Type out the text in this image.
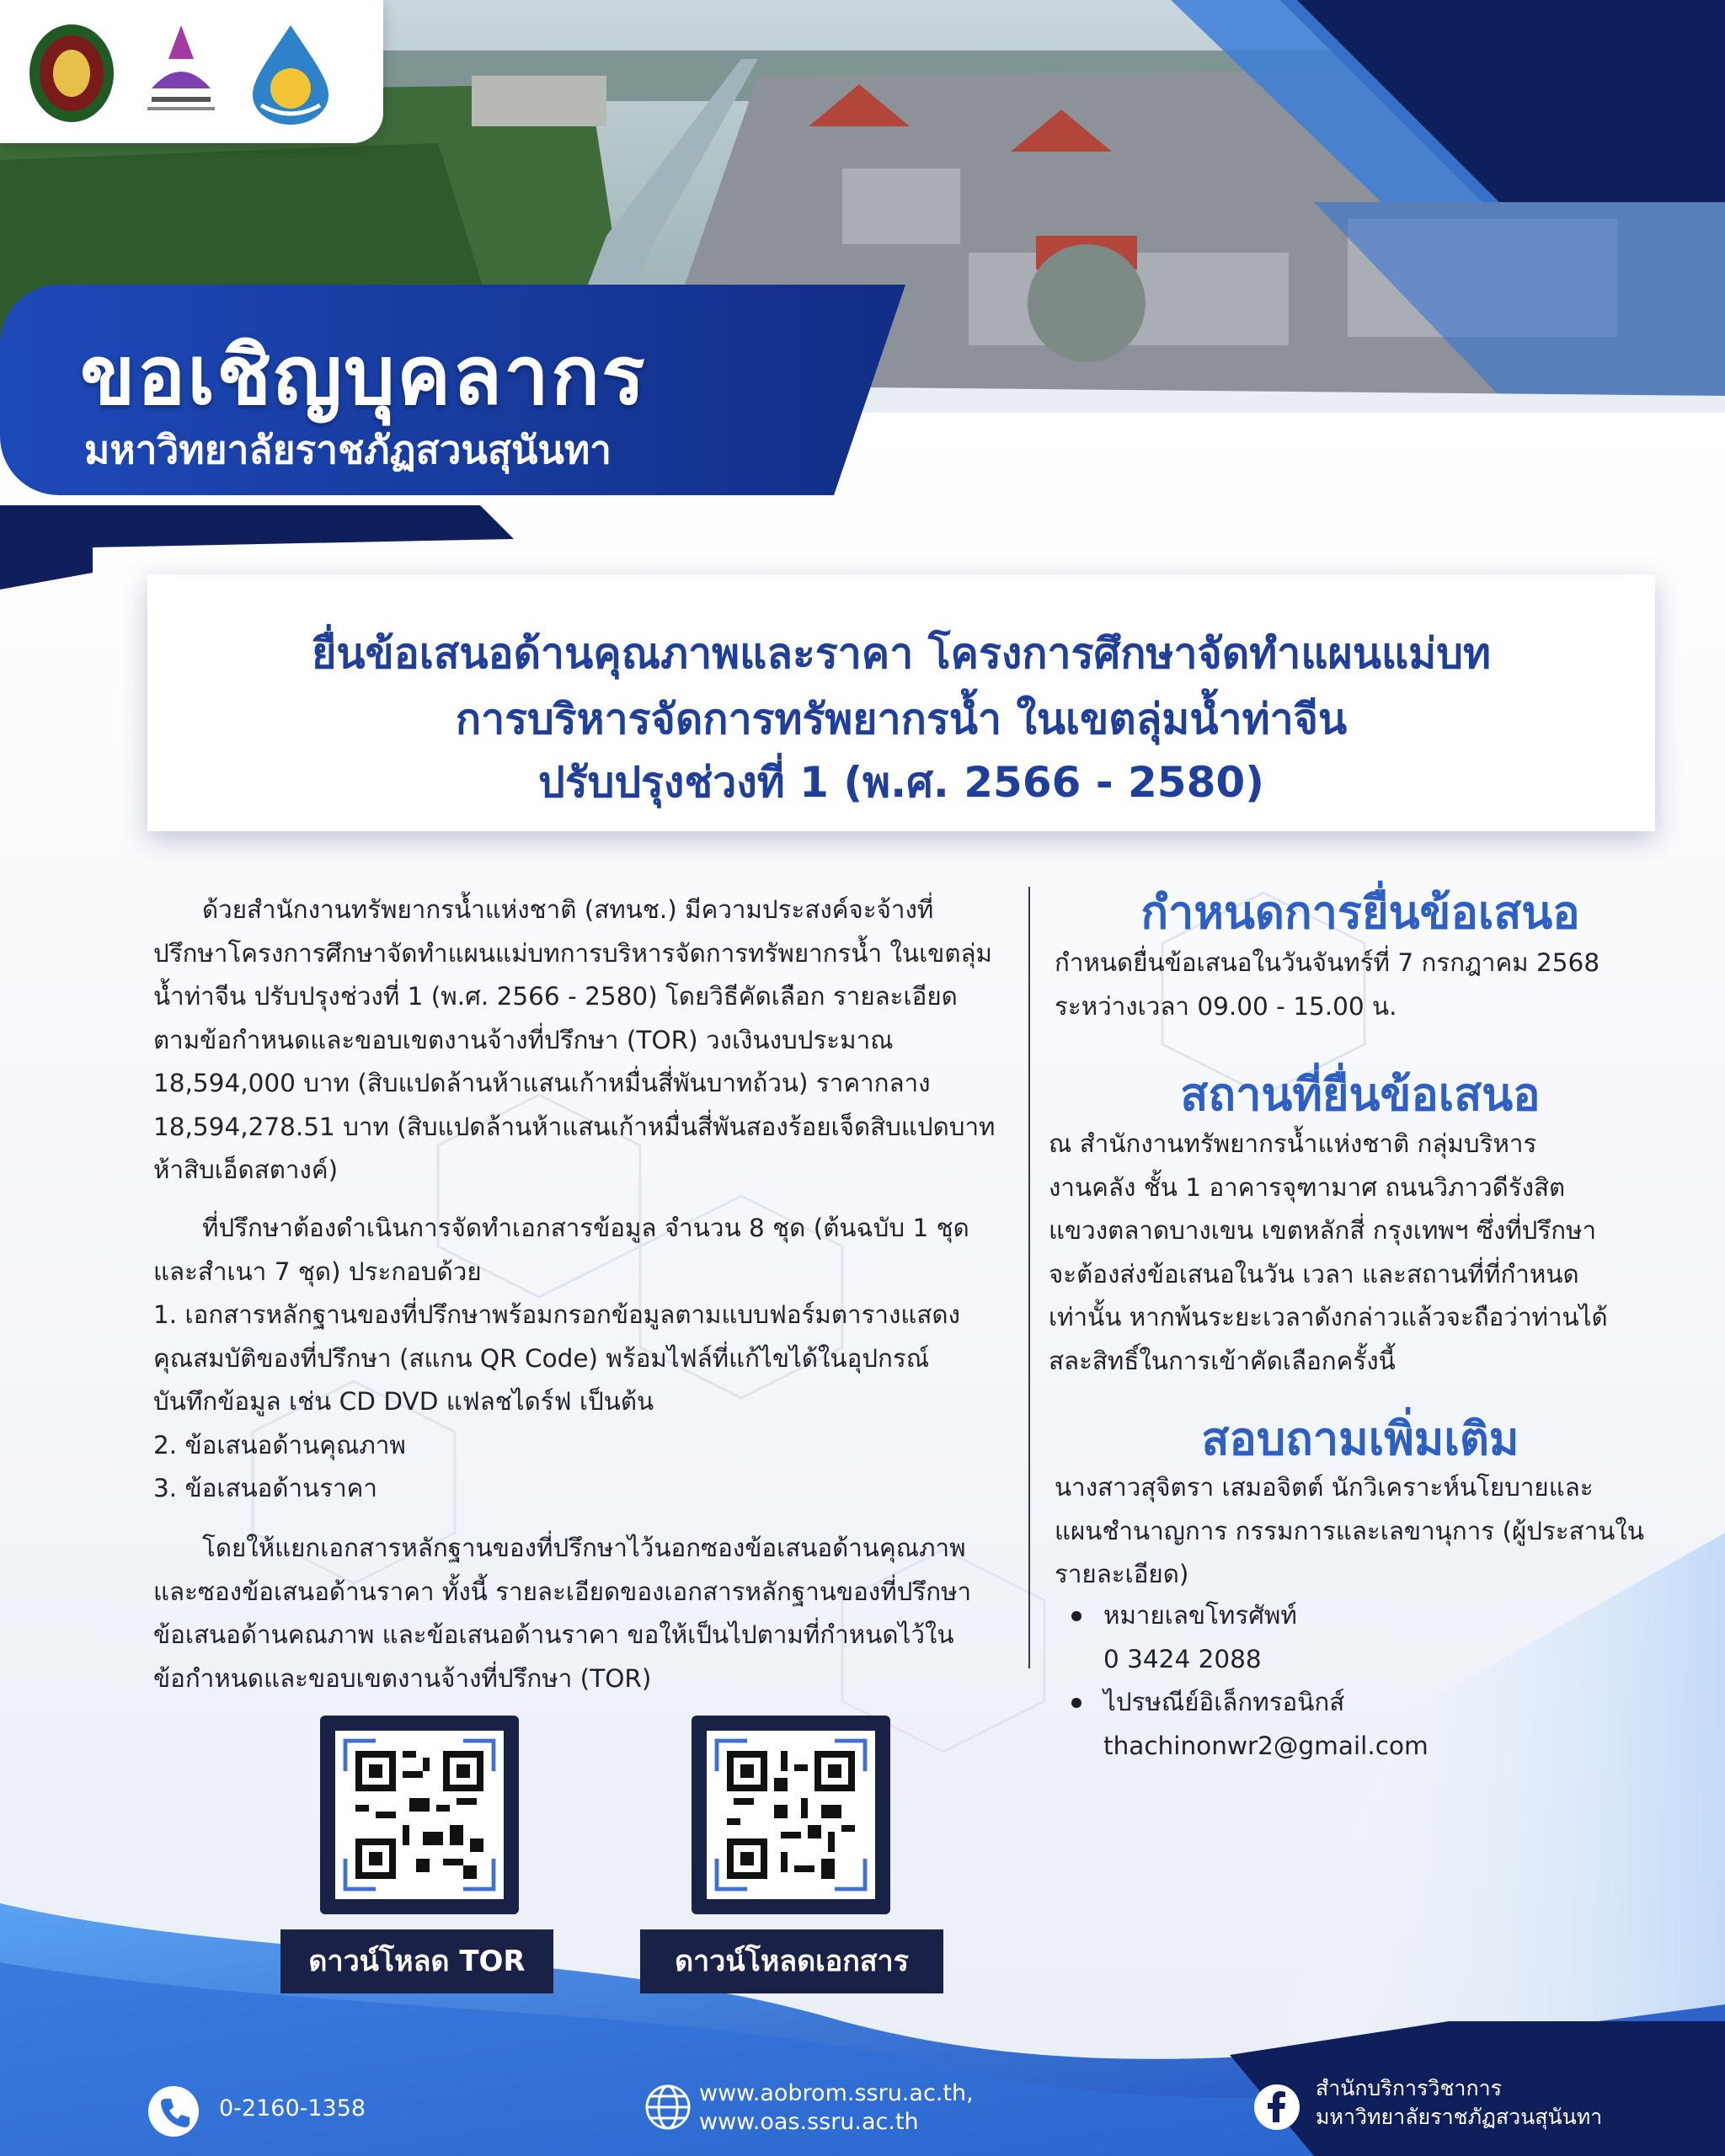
ขอเชิญบุคลากร
มหาวิทยาลัยราชภัฏสวนสุนันทา
ยื่นข้อเสนอด้านคุณภาพและราคา โครงการศึกษาจัดทำแผนแม่บท
การบริหารจัดการทรัพยากรน้ำ ในเขตลุ่มน้ำท่าจีน
ปรับปรุงช่วงที่ 1 (พ.ศ. 2566 - 2580)
ด้วยสำนักงานทรัพยากรน้ำแห่งชาติ (สทนช.) มีความประสงค์จะจ้างที่
ปรึกษาโครงการศึกษาจัดทำแผนแม่บทการบริหารจัดการทรัพยากรน้ำ ในเขตลุ่ม
น้ำท่าจีน ปรับปรุงช่วงที่ 1 (พ.ศ. 2566 - 2580) โดยวิธีคัดเลือก รายละเอียด
ตามข้อกำหนดและขอบเขตงานจ้างที่ปรึกษา (TOR) วงเงินงบประมาณ
18,594,000 บาท (สิบแปดล้านห้าแสนเก้าหมื่นสี่พันบาทถ้วน) ราคากลาง
18,594,278.51 บาท (สิบแปดล้านห้าแสนเก้าหมื่นสี่พันสองร้อยเจ็ดสิบแปดบาท
ห้าสิบเอ็ดสตางค์)
ที่ปรึกษาต้องดำเนินการจัดทำเอกสารข้อมูล จำนวน 8 ชุด (ต้นฉบับ 1 ชุด
และสำเนา 7 ชุด) ประกอบด้วย
1. เอกสารหลักฐานของที่ปรึกษาพร้อมกรอกข้อมูลตามแบบฟอร์มตารางแสดง
คุณสมบัติของที่ปรึกษา (สแกน QR Code) พร้อมไฟล์ที่แก้ไขได้ในอุปกรณ์
บันทึกข้อมูล เช่น CD DVD แฟลชไดร์ฟ เป็นต้น
2. ข้อเสนอด้านคุณภาพ
3. ข้อเสนอด้านราคา
โดยให้แยกเอกสารหลักฐานของที่ปรึกษาไว้นอกซองข้อเสนอด้านคุณภาพ
และซองข้อเสนอด้านราคา ทั้งนี้ รายละเอียดของเอกสารหลักฐานของที่ปรึกษา
ข้อเสนอด้านคณภาพ และข้อเสนอด้านราคา ขอให้เป็นไปตามที่กำหนดไว้ใน
ข้อกำหนดและขอบเขตงานจ้างที่ปรึกษา (TOR)
กำหนดการยื่นข้อเสนอ
กำหนดยื่นข้อเสนอในวันจันทร์ที่ 7 กรกฎาคม 2568
ระหว่างเวลา 09.00 - 15.00 น.
สถานที่ยื่นข้อเสนอ
ณ สำนักงานทรัพยากรน้ำแห่งชาติ กลุ่มบริหาร
งานคลัง ชั้น 1 อาคารจุฑามาศ ถนนวิภาวดีรังสิต
แขวงตลาดบางเขน เขตหลักสี่ กรุงเทพฯ ซึ่งที่ปรึกษา
จะต้องส่งข้อเสนอในวัน เวลา และสถานที่ที่กำหนด
เท่านั้น หากพ้นระยะเวลาดังกล่าวแล้วจะถือว่าท่านได้
สละสิทธิ์ในการเข้าคัดเลือกครั้งนี้
สอบถามเพิ่มเติม
นางสาวสุจิตรา เสมอจิตต์ นักวิเคราะห์นโยบายและ
แผนชำนาญการ กรรมการและเลขานุการ (ผู้ประสานใน
รายละเอียด)
หมายเลขโทรศัพท์
0 3424 2088
ไปรษณีย์อิเล็กทรอนิกส์
thachinonwr2@gmail.com
ดาวน์โหลด TOR	ดาวน์โหลดเอกสาร
0-2160-1358
www.aobrom.ssru.ac.th,
www.oas.ssru.ac.th
สำนักบริการวิชาการ
มหาวิทยาลัยราชภัฏสวนสุนันทา
